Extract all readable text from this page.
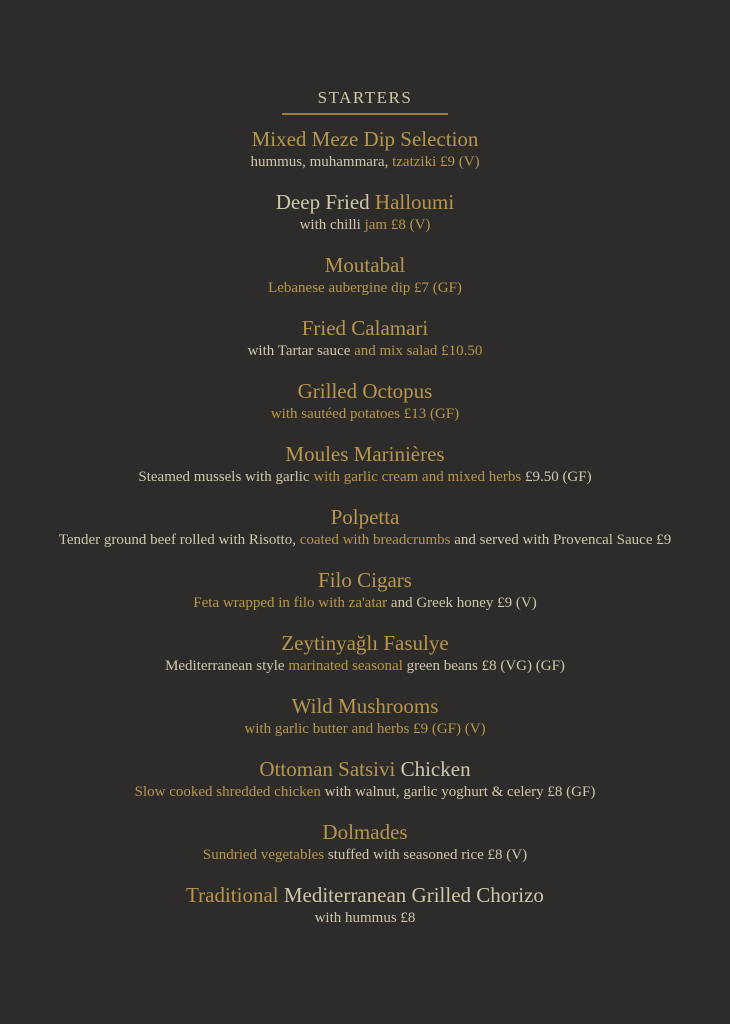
STARTERS
Mixed Meze Dip Selection
hummus, muhammara, tzatziki £9 (V)
Deep Fried Halloumi
with chilli jam £8 (V)
Moutabal
Lebanese aubergine dip £7 (GF)
Fried Calamari
with Tartar sauce and mix salad £10.50
Grilled Octopus
with sautéed potatoes £13 (GF)
Moules Marinières
Steamed mussels with garlic with garlic cream and mixed herbs £9.50 (GF)
Polpetta
Tender ground beef rolled with Risotto, coated with breadcrumbs and served with Provencal Sauce £9
Filo Cigars
Feta wrapped in filo with za'atar and Greek honey £9 (V)
Zeytinyağlı Fasulye
Mediterranean style marinated seasonal green beans £8 (VG) (GF)
Wild Mushrooms
with garlic butter and herbs £9 (GF) (V)
Ottoman Satsivi Chicken
Slow cooked shredded chicken with walnut, garlic yoghurt & celery £8 (GF)
Dolmades
Sundried vegetables stuffed with seasoned rice £8 (V)
Traditional Mediterranean Grilled Chorizo
with hummus £8
